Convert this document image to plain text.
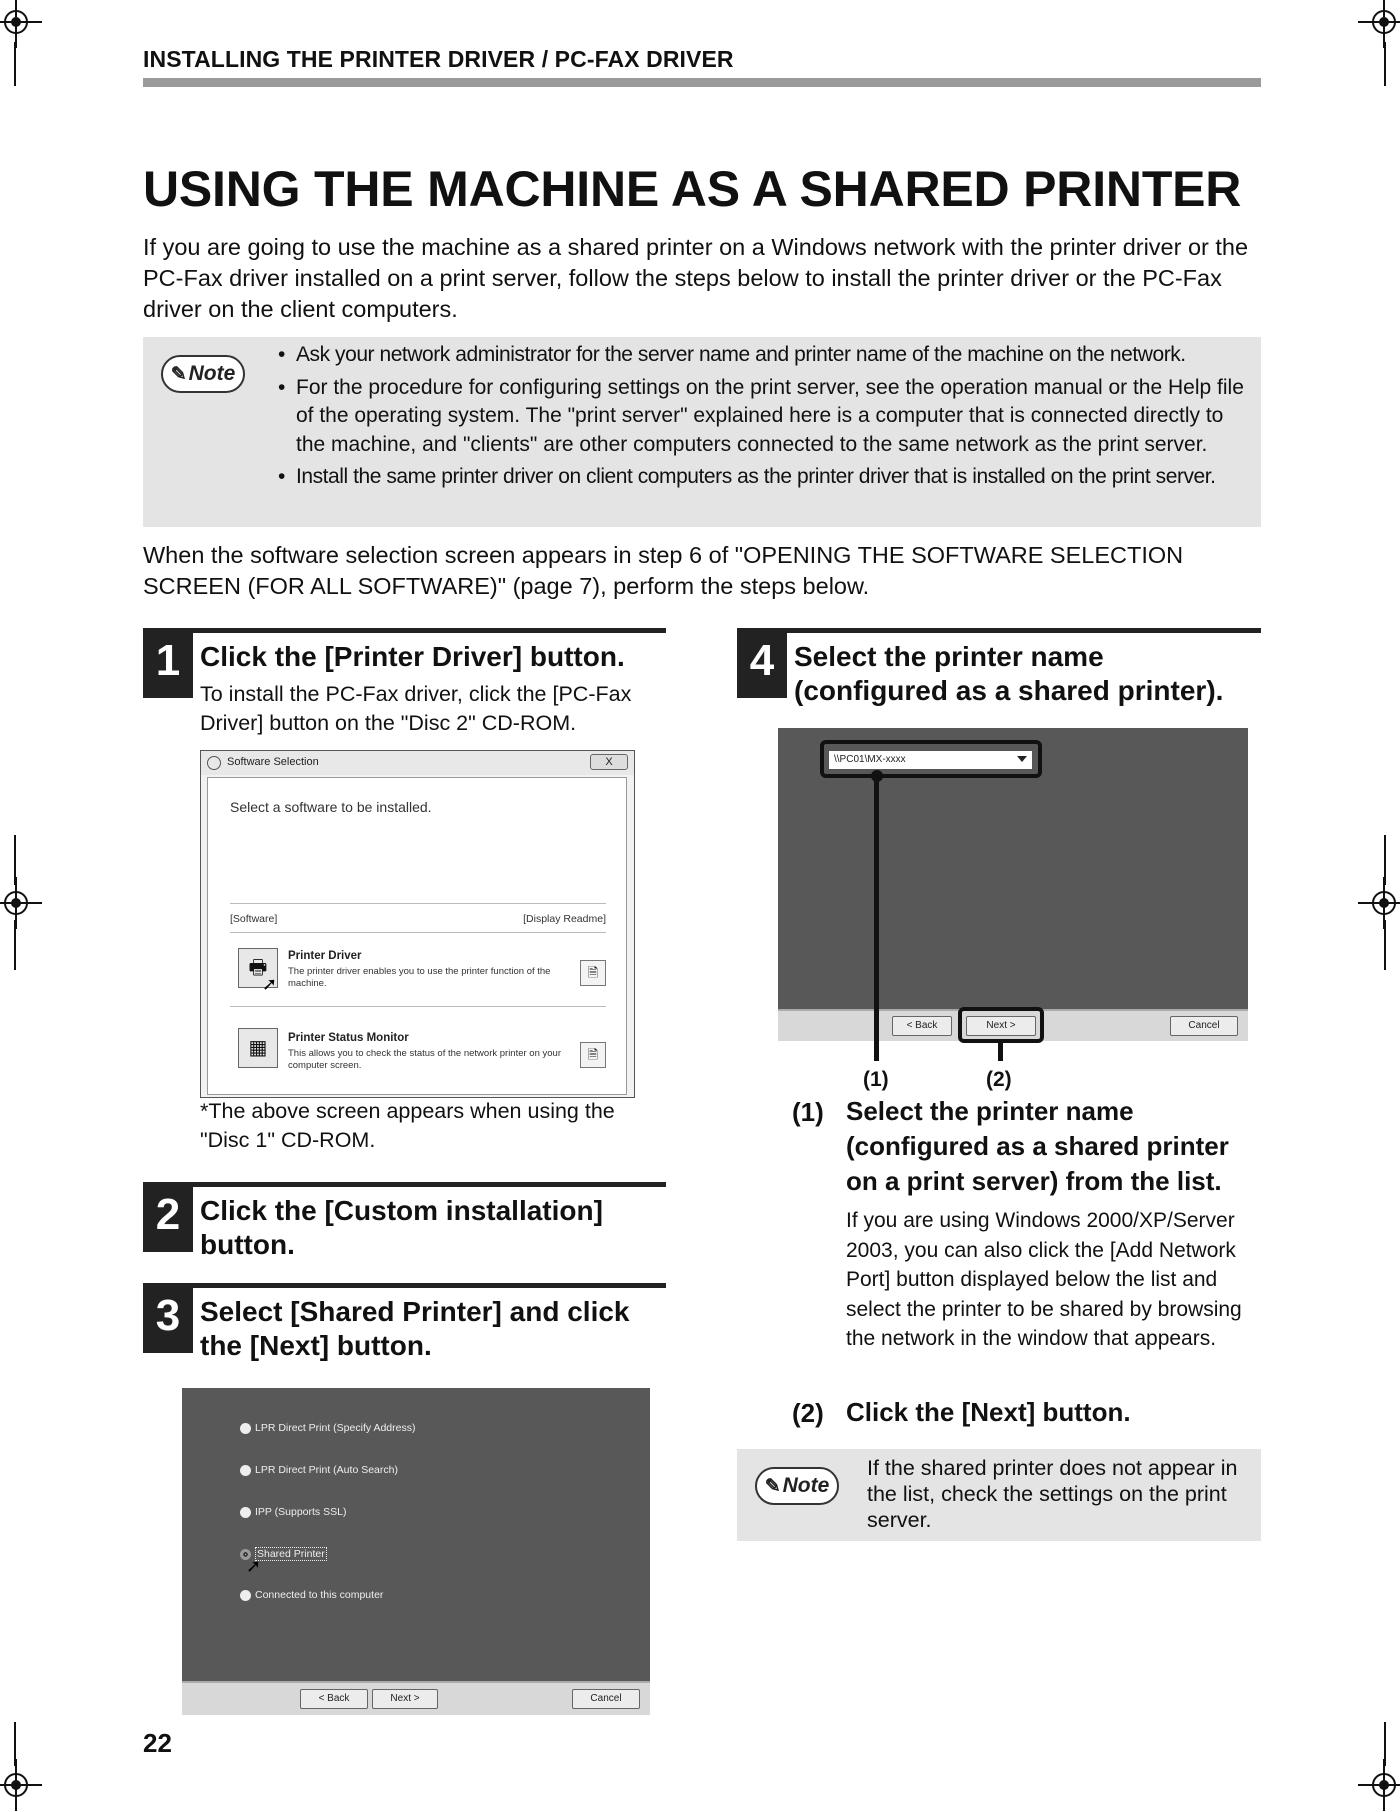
INSTALLING THE PRINTER DRIVER / PC-FAX DRIVER
USING THE MACHINE AS A SHARED PRINTER

If you are going to use the machine as a shared printer on a Windows network with the printer driver or the PC-Fax driver installed on a print server, follow the steps below to install the printer driver or the PC-Fax driver on the client computers.

✎ Note
• Ask your network administrator for the server name and printer name of the machine on the network.
• For the procedure for configuring settings on the print server, see the operation manual or the Help file of the operating system. The "print server" explained here is a computer that is connected directly to the machine, and "clients" are other computers connected to the same network as the print server.
• Install the same printer driver on client computers as the printer driver that is installed on the print server.

When the software selection screen appears in step 6 of "OPENING THE SOFTWARE SELECTION SCREEN (FOR ALL SOFTWARE)" (page 7), perform the steps below.

1 Click the [Printer Driver] button.
To install the PC-Fax driver, click the [PC-Fax Driver] button on the "Disc 2" CD-ROM.
Software Selection	X
Select a software to be installed.
[Software]	[Display Readme]
🖶
➚
Printer Driver
The printer driver enables you to use the printer function of the machine.
🗎
▦	Printer Status Monitor
This allows you to check the status of the network printer on your computer screen.
🗎

*The above screen appears when using the "Disc 1" CD-ROM.

2 Click the [Custom installation] button.
3 Select [Shared Printer] and click the [Next] button.
LPR Direct Print (Specify Address)
LPR Direct Print (Auto Search)
IPP (Supports SSL)
Shared Printer
➚
Connected to this computer
< Back	Next >	Cancel
4 Select the printer name (configured as a shared printer).
\\PC01\MX-xxxx
< Back	Next >	Cancel
(1)	(2)
(1) Select the printer name (configured as a shared printer on a print server) from the list.
If you are using Windows 2000/XP/Server 2003, you can also click the [Add Network Port] button displayed below the list and select the printer to be shared by browsing the network in the window that appears.
(2) Click the [Next] button.
✎ Note
If the shared printer does not appear in the list, check the settings on the print server.
22
